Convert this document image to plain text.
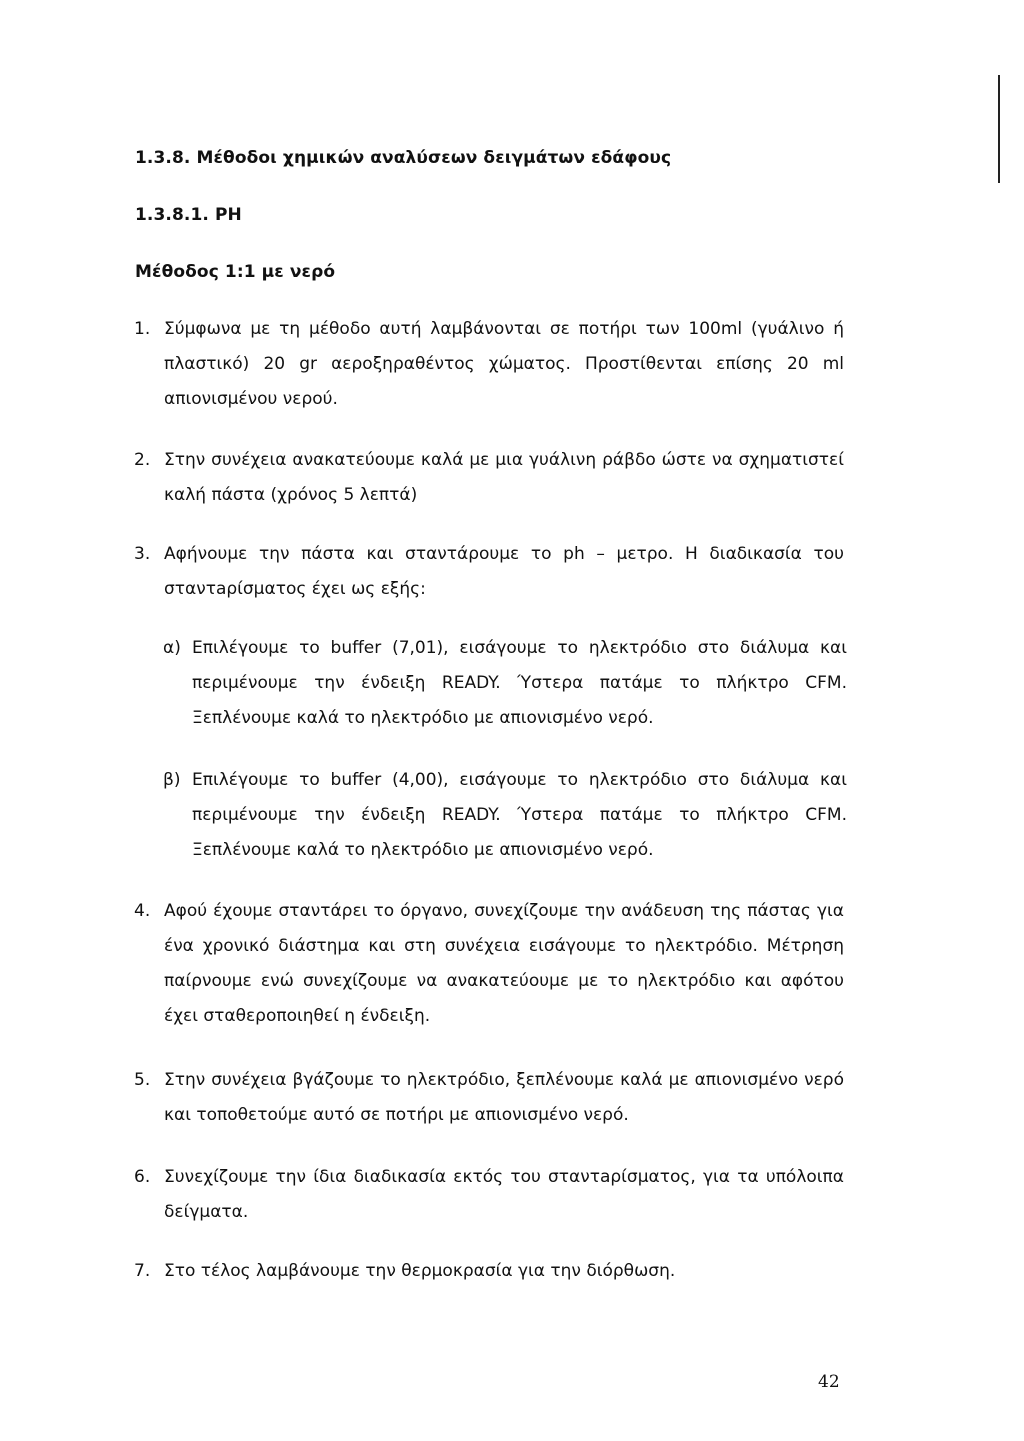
1.3.8. Μέθοδοι χημικών αναλύσεων δειγμάτων εδάφους
1.3.8.1. PH
Μέθοδος 1:1 με νερό
1. Σύμφωνα με τη μέθοδο αυτή λαμβάνονται σε ποτήρι των 100ml (γυάλινο ή πλαστικό) 20 gr αεροξηραθέντος χώματος. Προστίθενται επίσης 20 ml απιονισμένου νερού.
2. Στην συνέχεια ανακατεύουμε καλά με μια γυάλινη ράβδο ώστε να σχηματιστεί καλή πάστα (χρόνος 5 λεπτά)
3. Αφήνουμε την πάστα και σταντάρουμε το ph – μετρο. Η διαδικασία του σταντaρίσματος έχει ως εξής:
α) Επιλέγουμε το buffer (7,01), εισάγουμε το ηλεκτρόδιο στο διάλυμα και περιμένουμε την ένδειξη READY. Ύστερα πατάμε το πλήκτρο CFM. Ξεπλένουμε καλά το ηλεκτρόδιο με απιονισμένο νερό.
β) Επιλέγουμε το buffer (4,00), εισάγουμε το ηλεκτρόδιο στο διάλυμα και περιμένουμε την ένδειξη READY. Ύστερα πατάμε το πλήκτρο CFM. Ξεπλένουμε καλά το ηλεκτρόδιο με απιονισμένο νερό.
4. Αφού έχουμε σταντάρει το όργανο, συνεχίζουμε την ανάδευση της πάστας για ένα χρονικό διάστημα και στη συνέχεια εισάγουμε το ηλεκτρόδιο. Μέτρηση παίρνουμε ενώ συνεχίζουμε να ανακατεύουμε με το ηλεκτρόδιο και αφότου έχει σταθεροποιηθεί η ένδειξη.
5. Στην συνέχεια βγάζουμε το ηλεκτρόδιο, ξεπλένουμε καλά με απιονισμένο νερό και τοποθετούμε αυτό σε ποτήρι με απιονισμένο νερό.
6. Συνεχίζουμε την ίδια διαδικασία εκτός του σταντaρίσματος, για τα υπόλοιπα δείγματα.
7. Στο τέλος λαμβάνουμε την θερμοκρασία για την διόρθωση.
42
